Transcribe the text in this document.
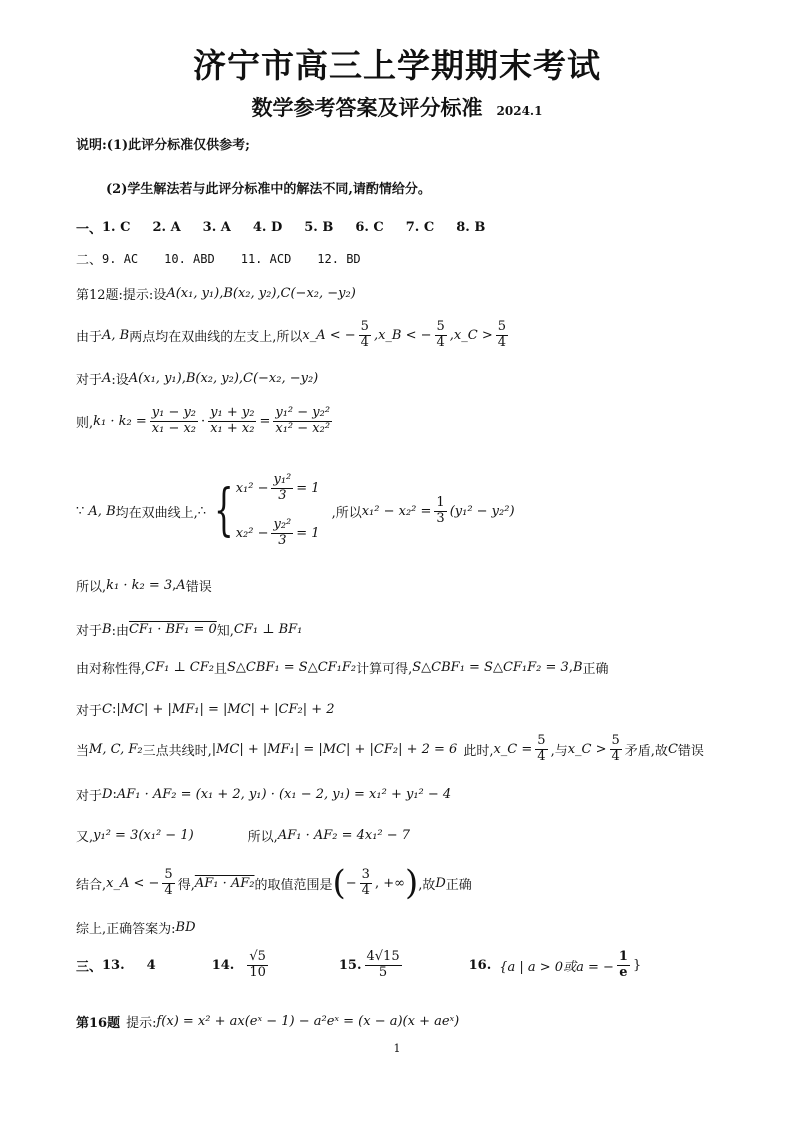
济宁市高三上学期期末考试
数学参考答案及评分标准 2024.1
说明:(1)此评分标准仅供参考;
(2)学生解法若与此评分标准中的解法不同,请酌情给分。
一、 1. C 2. A 3. A 4. D 5. B 6. C 7. C 8. B
二、 9. AC 10. ABD 11. ACD 12. BD
第12题:提示:设 A(x₁, y₁),B(x₂, y₂),C(−x₂, −y₂)
由于 A, B 两点均在双曲线的左支上,所以 x_A < − $\frac{5}{4}$ ,x_B < − $\frac{5}{4}$ ,x_C > $\frac{5}{4}$
对于 A :设 A(x₁, y₁),B(x₂, y₂),C(−x₂, −y₂)
则, $k_1 \cdot k_2 = \frac{\text{y₁ − y₂}}{\text{x₁ − x₂}} \cdot \frac{\text{y₁ + y₂}}{\text{x₁ + x₂}} = \frac{\text{y₁² − y₂²}}{\text{x₁² − x₂²}}$
∵
A, B 均在双曲线上, ∴ { $x_1^2 - \frac{\text{y₁²}}{3} = 1$
$x_2^2 - \frac{\text{y₂²}}{3} = 1$
,所以 $x_1^2 - x_2^2 = \frac{1}{3} (y_1^2 - y_2^2)$
所以, k₁ · k₂ = 3 , A 错误
对于 B :由 CF₁ · BF₁ = 0 知, CF₁ ⊥ BF₁
由对称性得, CF₁ ⊥ CF₂ 且 S△CBF₁ = S△CF₁F₂ 计算可得, S△CBF₁ = S△CF₁F₂ = 3 , B 正确
对于 C : |MC| + |MF₁| = |MC| + |CF₂| + 2
当 M, C, F₂ 三点共线时, |MC| + |MF₁| = |MC| + |CF₂| + 2 = 6 此时, x_C = $\frac{5}{4}$ ,与 x_C > $\frac{5}{4}$ 矛盾,故 C 错误
对于 D : AF₁ · AF₂ = (x₁ + 2, y₁) · (x₁ − 2, y₁) = x₁² + y₁² − 4
又, y₁² = 3(x₁² − 1)	所以, AF₁ · AF₂ = 4x₁² − 7
结合, x_A < − $\frac{5}{4}$ 得, AF₁ · AF₂ 的取值范围是 ( − $\frac{3}{4}$ , +∞ ) ,故 D 正确
综上,正确答案为: BD
三、 13. 4	14. $\frac{√5}{10}$	15. $\frac{4√15}{5}$	16. {a | a > 0或a = − $\frac{1}{e}$ }
第16题 提示: f(x) = x² + ax(eˣ − 1) − a²eˣ = (x − a)(x + aeˣ)
1
